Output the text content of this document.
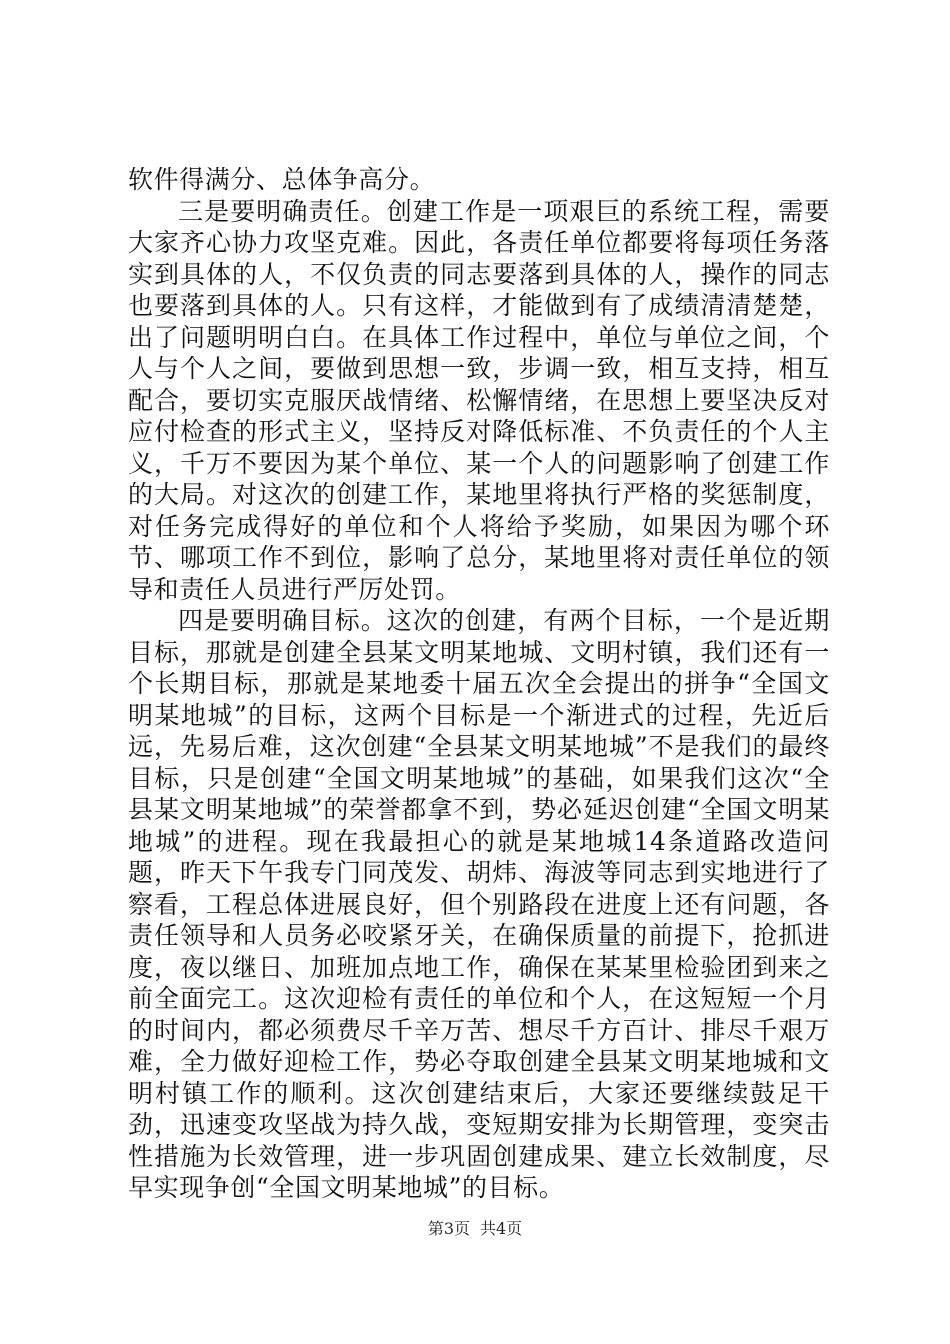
软件得满分、总体争高分。

三是要明确责任。创建工作是一项艰巨的系统工程，需要大家齐心协力攻坚克难。因此，各责任单位都要将每项任务落实到具体的人，不仅负责的同志要落到具体的人，操作的同志也要落到具体的人。只有这样，才能做到有了成绩清清楚楚，出了问题明明白白。在具体工作过程中，单位与单位之间，个人与个人之间，要做到思想一致，步调一致，相互支持，相互配合，要切实克服厌战情绪、松懈情绪，在思想上要坚决反对应付检查的形式主义，坚持反对降低标准、不负责任的个人主义，千万不要因为某个单位、某一个人的问题影响了创建工作的大局。对这次的创建工作，某地里将执行严格的奖惩制度，对任务完成得好的单位和个人将给予奖励，如果因为哪个环节、哪项工作不到位，影响了总分，某地里将对责任单位的领导和责任人员进行严厉处罚。

四是要明确目标。这次的创建，有两个目标，一个是近期目标，那就是创建全县某文明某地城、文明村镇，我们还有一个长期目标，那就是某地委十届五次全会提出的拼争“全国文明某地城”的目标，这两个目标是一个渐进式的过程，先近后远，先易后难，这次创建“全县某文明某地城”不是我们的最终目标，只是创建“全国文明某地城”的基础，如果我们这次“全县某文明某地城”的荣誉都拿不到，势必延迟创建“全国文明某地城”的进程。现在我最担心的就是某地城14条道路改造问题，昨天下午我专门同茂发、胡炜、海波等同志到实地进行了察看，工程总体进展良好，但个别路段在进度上还有问题，各责任领导和人员务必咬紧牙关，在确保质量的前提下，抢抓进度，夜以继日、加班加点地工作，确保在某某里检验团到来之前全面完工。这次迎检有责任的单位和个人，在这短短一个月的时间内，都必须费尽千辛万苦、想尽千方百计、排尽千艰万难，全力做好迎检工作，势必夺取创建全县某文明某地城和文明村镇工作的顺利。这次创建结束后，大家还要继续鼓足干劲，迅速变攻坚战为持久战，变短期安排为长期管理，变突击性措施为长效管理，进一步巩固创建成果、建立长效制度，尽早实现争创“全国文明某地城”的目标。

第3页 共4页
